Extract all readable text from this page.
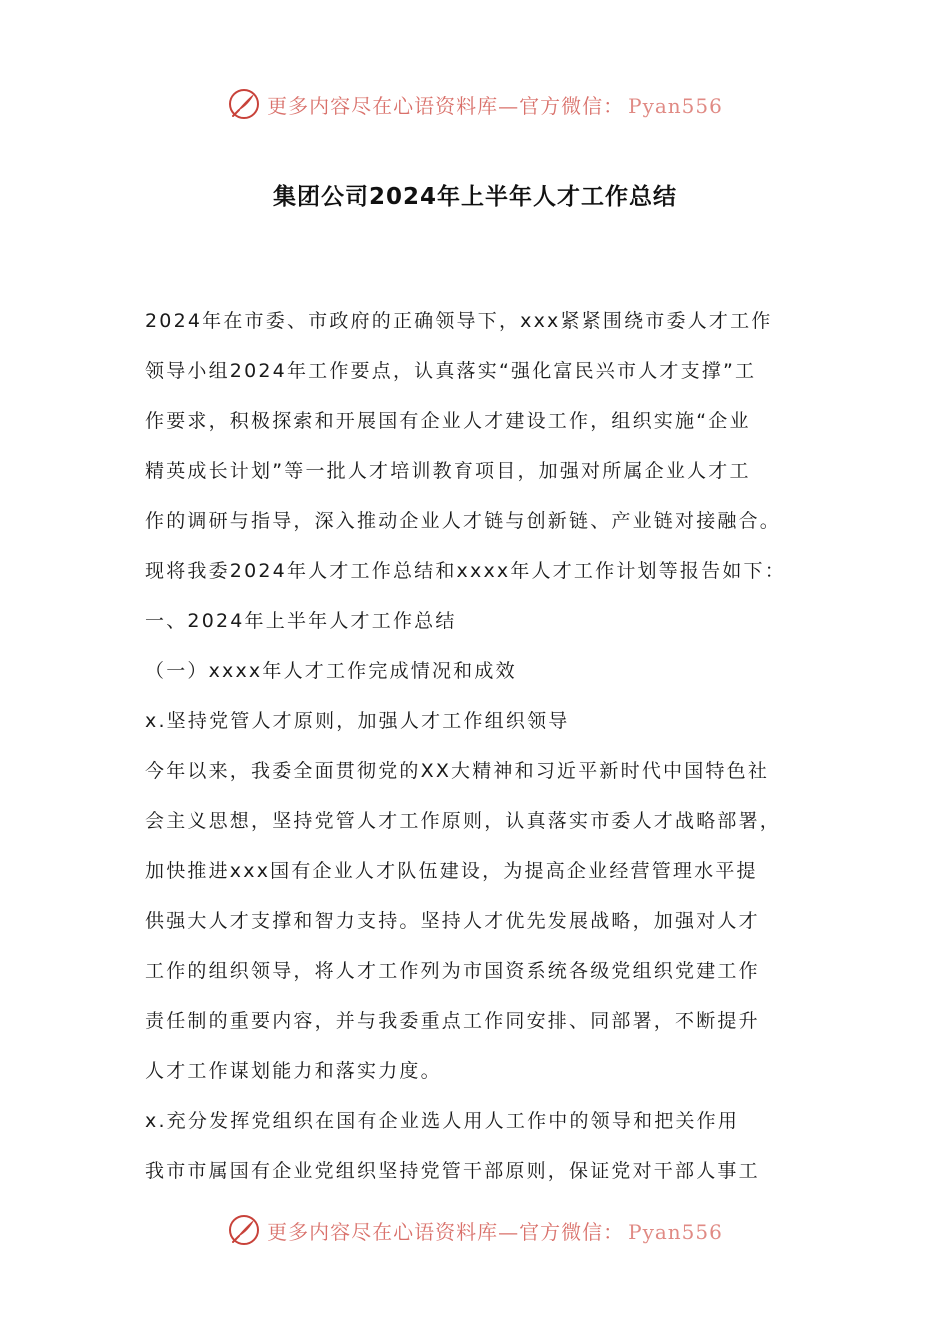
更多内容尽在心语资料库—官方微信： Pyan556
集团公司2024年上半年人才工作总结
2024年在市委、市政府的正确领导下，xxx紧紧围绕市委人才工作
领导小组2024年工作要点，认真落实“强化富民兴市人才支撑”工
作要求，积极探索和开展国有企业人才建设工作，组织实施“企业
精英成长计划”等一批人才培训教育项目，加强对所属企业人才工
作的调研与指导，深入推动企业人才链与创新链、产业链对接融合。
现将我委2024年人才工作总结和xxxx年人才工作计划等报告如下：
一、2024年上半年人才工作总结
（一）xxxx年人才工作完成情况和成效
x.坚持党管人才原则，加强人才工作组织领导
今年以来，我委全面贯彻党的XX大精神和习近平新时代中国特色社
会主义思想，坚持党管人才工作原则，认真落实市委人才战略部署，
加快推进xxx国有企业人才队伍建设，为提高企业经营管理水平提
供强大人才支撑和智力支持。坚持人才优先发展战略，加强对人才
工作的组织领导，将人才工作列为市国资系统各级党组织党建工作
责任制的重要内容，并与我委重点工作同安排、同部署，不断提升
人才工作谋划能力和落实力度。
x.充分发挥党组织在国有企业选人用人工作中的领导和把关作用
我市市属国有企业党组织坚持党管干部原则，保证党对干部人事工
更多内容尽在心语资料库—官方微信： Pyan556
